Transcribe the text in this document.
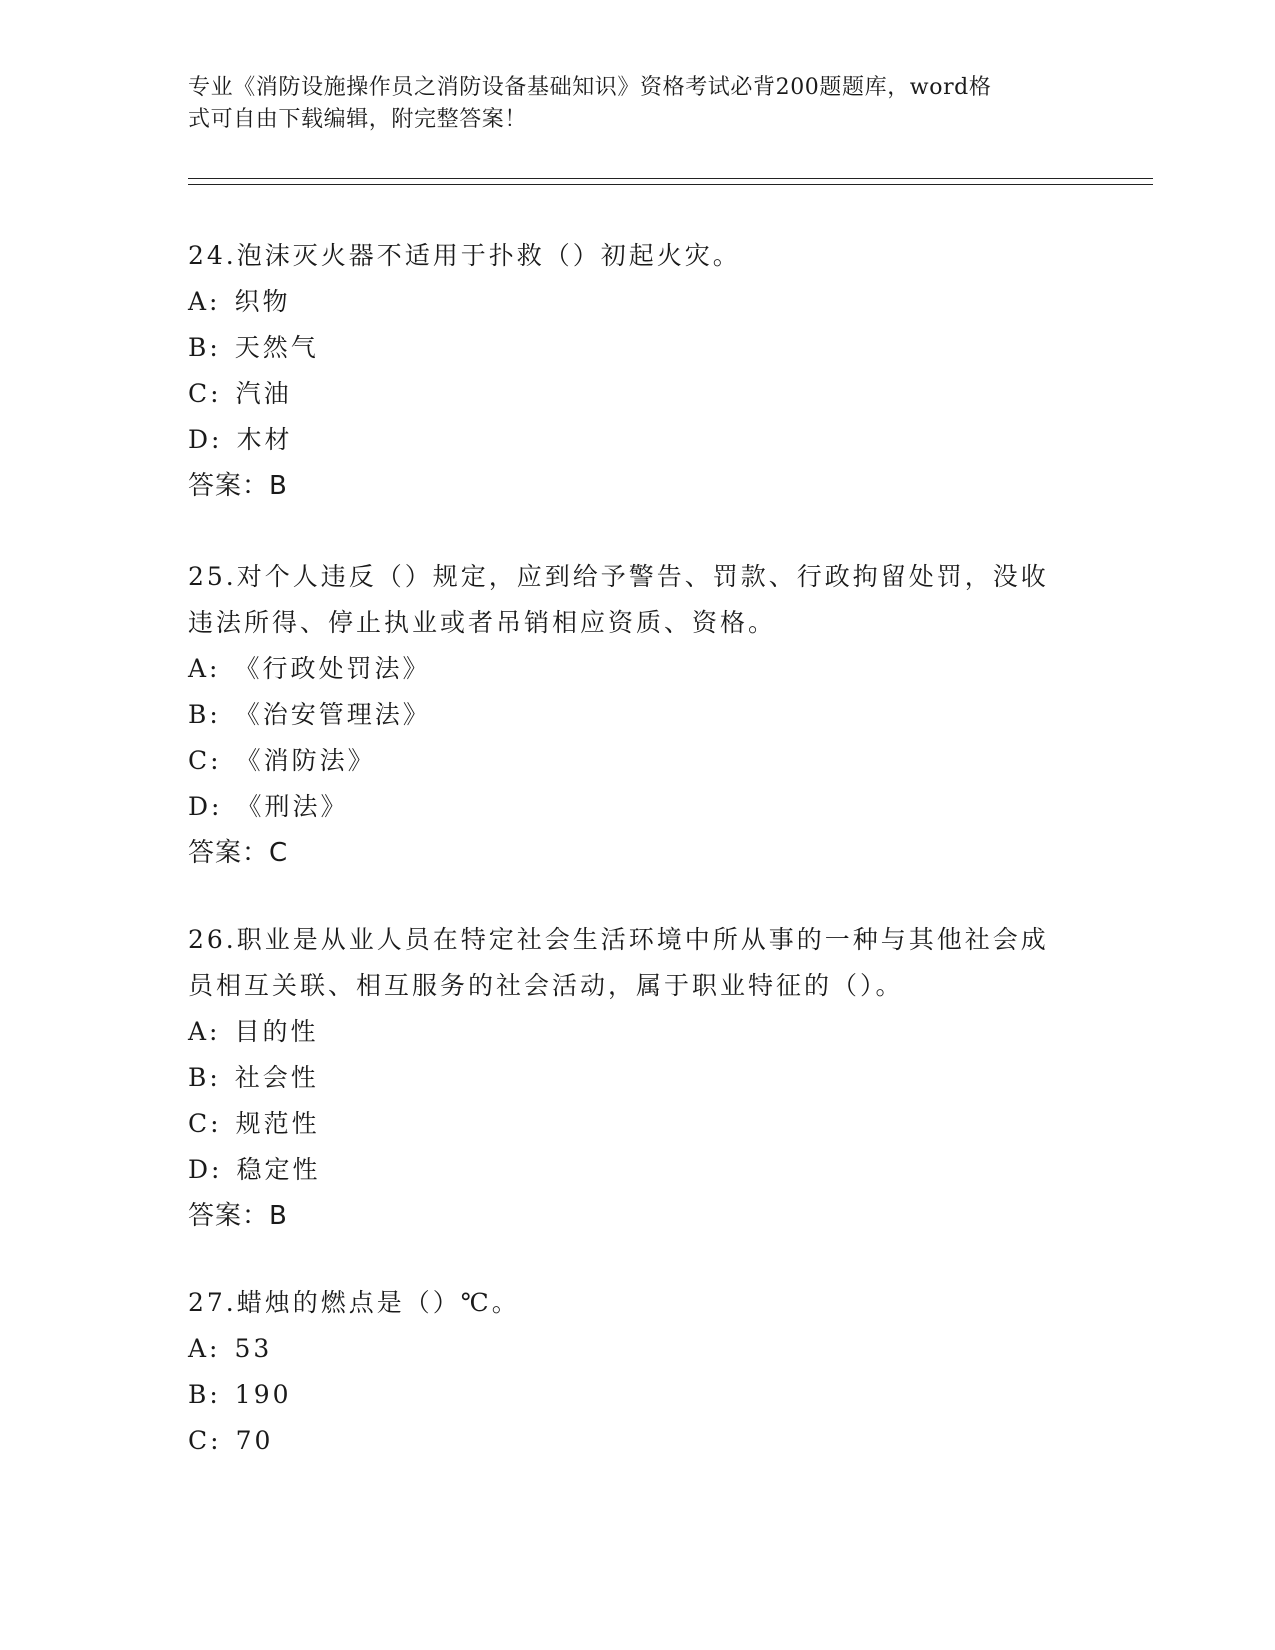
专业《消防设施操作员之消防设备基础知识》资格考试必背200题题库，word格
式可自由下载编辑，附完整答案！
24.泡沫灭火器不适用于扑救（）初起火灾。
A: 织物
B: 天然气
C: 汽油
D: 木材
答案：B
25.对个人违反（）规定，应到给予警告、罚款、行政拘留处罚，没收
违法所得、停止执业或者吊销相应资质、资格。
A: 《行政处罚法》
B: 《治安管理法》
C: 《消防法》
D: 《刑法》
答案：C
26.职业是从业人员在特定社会生活环境中所从事的一种与其他社会成
员相互关联、相互服务的社会活动，属于职业特征的（）。
A: 目的性
B: 社会性
C: 规范性
D: 稳定性
答案：B
27.蜡烛的燃点是（）℃。
A: 53
B: 190
C: 70
